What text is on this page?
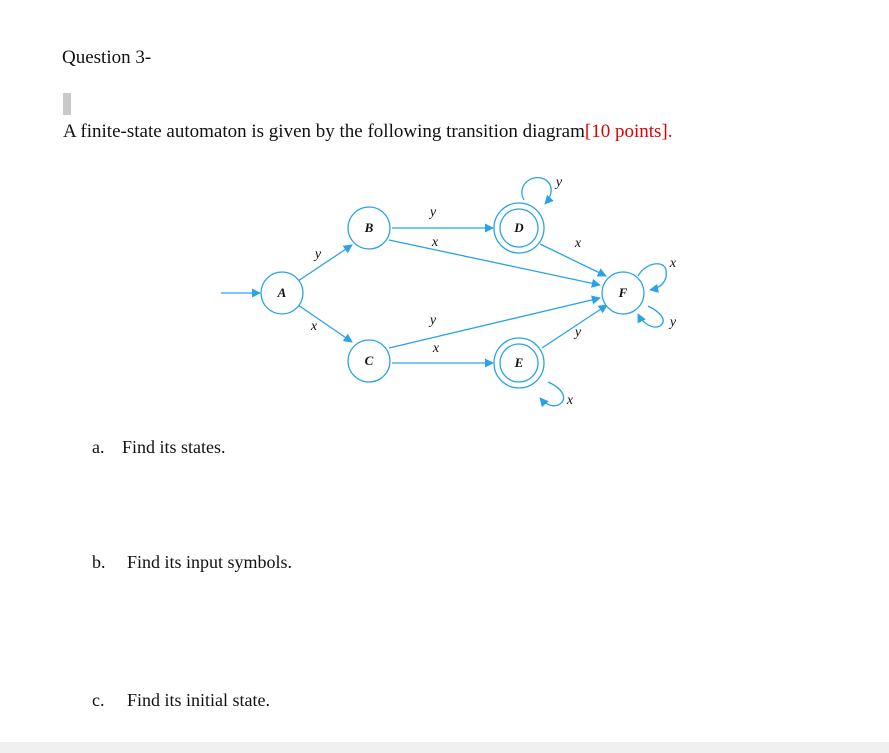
Question 3-
A finite-state automaton is given by the following transition diagram[10 points].
A
B
C
D
E
F
y
x
y
x
y
x
y
x
x
y
x
y
a. Find its states.
b. Find its input symbols.
c. Find its initial state.
